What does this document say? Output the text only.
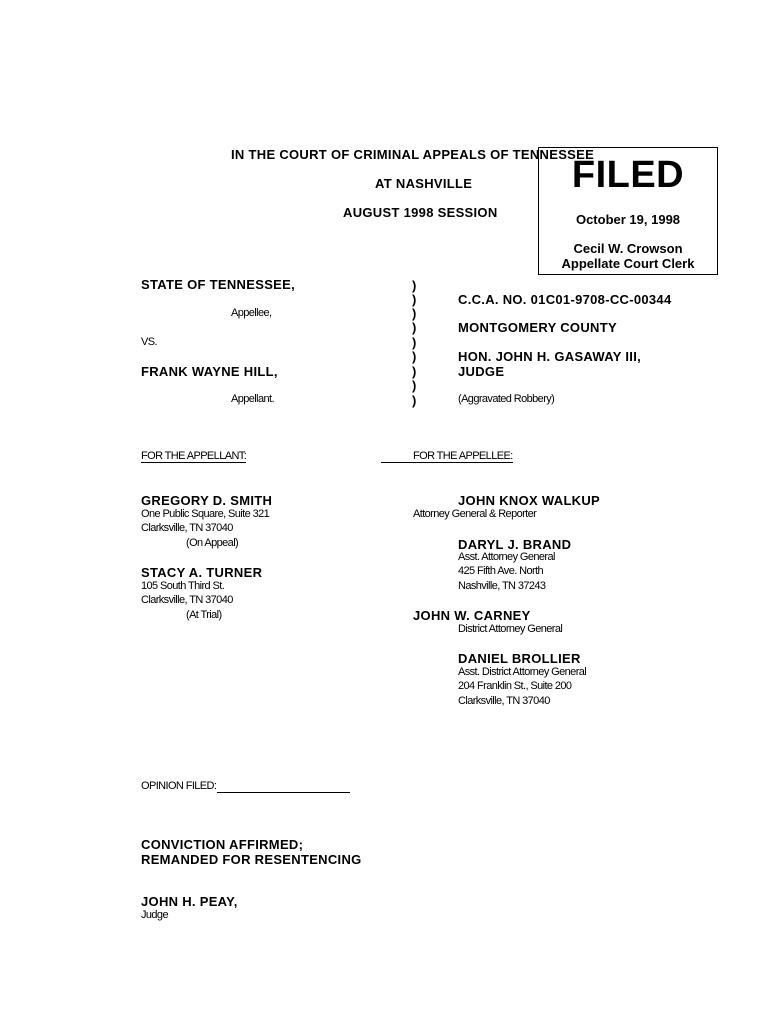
IN THE COURT OF CRIMINAL APPEALS OF TENNESSEE
AT NASHVILLE
AUGUST 1998 SESSION
FILED
October 19, 1998
Cecil W. Crowson
Appellate Court Clerk
STATE OF TENNESSEE,
Appellee,
VS.
FRANK WAYNE HILL,
Appellant.
)
)
)
)
)
)
)
)
)
C.C.A. NO. 01C01-9708-CC-00344
MONTGOMERY COUNTY
HON. JOHN H. GASAWAY III,
JUDGE
(Aggravated Robbery)
FOR THE APPELLANT:	FOR THE APPELLEE:
GREGORY D. SMITH
One Public Square, Suite 321
Clarksville, TN 37040
(On Appeal)
STACY A. TURNER
105 South Third St.
Clarksville, TN 37040
(At Trial)
JOHN KNOX WALKUP
Attorney General & Reporter
DARYL J. BRAND
Asst. Attorney General
425 Fifth Ave. North
Nashville, TN 37243
JOHN W. CARNEY
District Attorney General
DANIEL BROLLIER
Asst. District Attorney General
204 Franklin St., Suite 200
Clarksville, TN 37040
OPINION FILED:
CONVICTION AFFIRMED;
REMANDED FOR RESENTENCING
JOHN H. PEAY,
Judge
